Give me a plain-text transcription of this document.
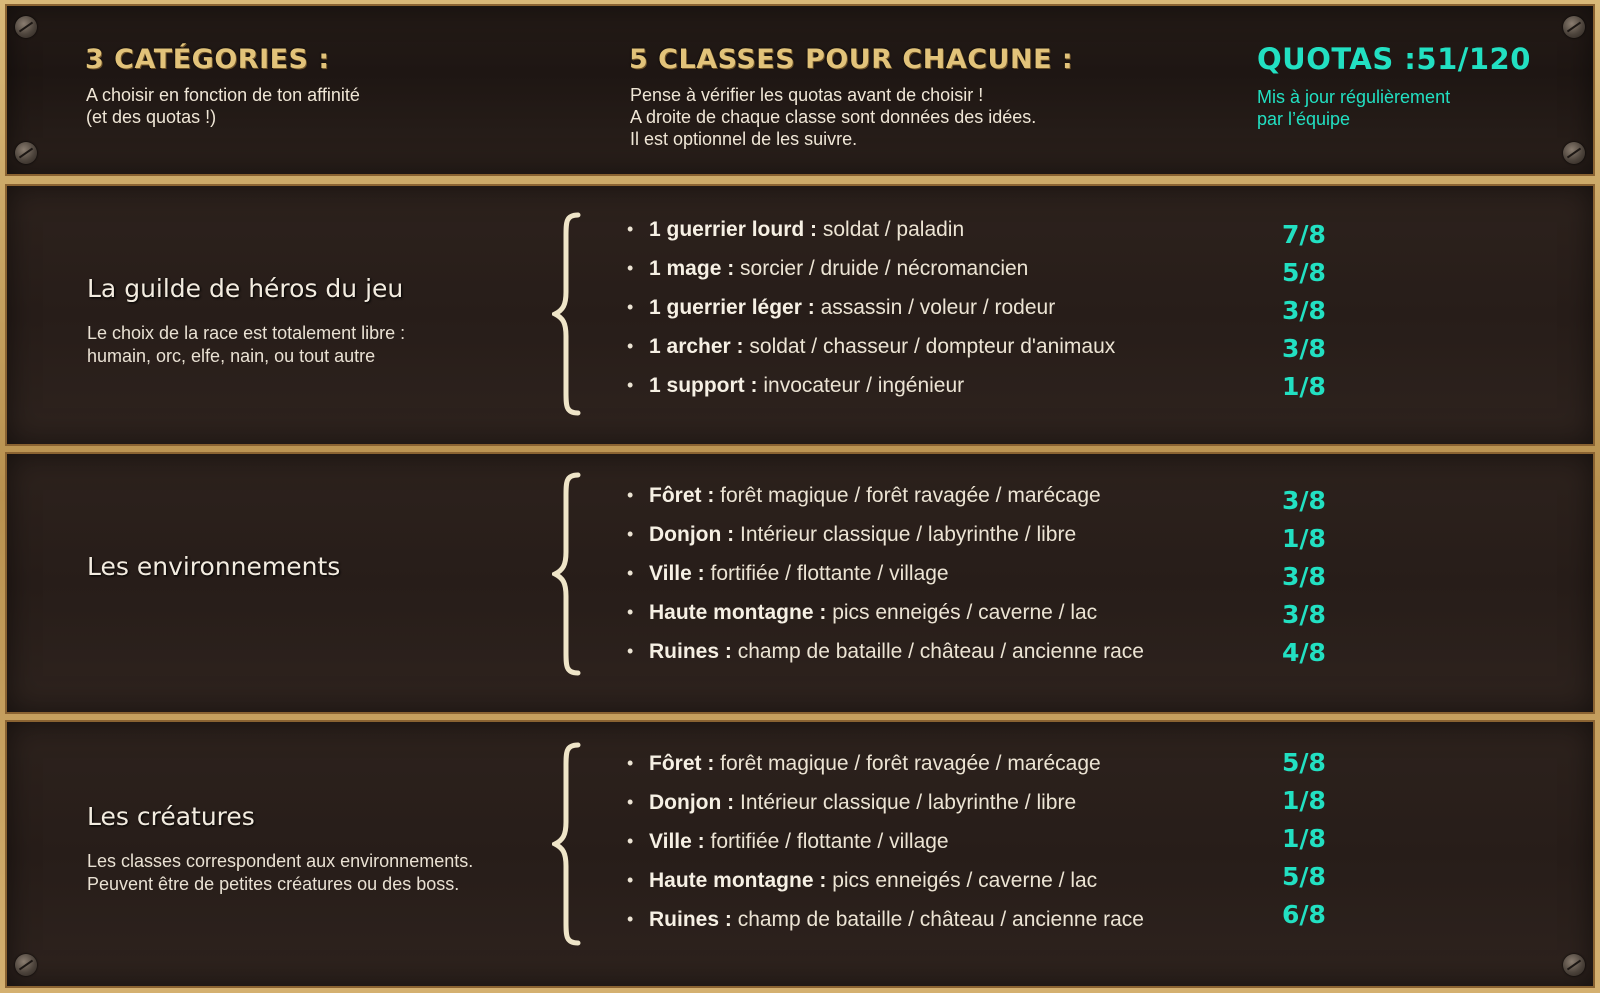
3 CATÉGORIES :
A choisir en fonction de ton affinité
(et des quotas !)
5 CLASSES POUR CHACUNE :
Pense à vérifier les quotas avant de choisir !
A droite de chaque classe sont données des idées.
Il est optionnel de les suivre.
QUOTAS :51/120
Mis à jour régulièrement
par l’équipe
La guilde de héros du jeu
Le choix de la race est totalement libre :
humain, orc, elfe, nain, ou tout autre
• 1 guerrier lourd : soldat / paladin
• 1 mage : sorcier / druide / nécromancien
• 1 guerrier léger : assassin / voleur / rodeur
• 1 archer : soldat / chasseur / dompteur d'animaux
• 1 support : invocateur / ingénieur
7/8
5/8
3/8
3/8
1/8
Les environnements
• Fôret : forêt magique / forêt ravagée / marécage
• Donjon : Intérieur classique / labyrinthe / libre
• Ville : fortifiée / flottante / village
• Haute montagne : pics enneigés / caverne / lac
• Ruines : champ de bataille / château / ancienne race
3/8
1/8
3/8
3/8
4/8
Les créatures
Les classes correspondent aux environnements.
Peuvent être de petites créatures ou des boss.
• Fôret : forêt magique / forêt ravagée / marécage
• Donjon : Intérieur classique / labyrinthe / libre
• Ville : fortifiée / flottante / village
• Haute montagne : pics enneigés / caverne / lac
• Ruines : champ de bataille / château / ancienne race
5/8
1/8
1/8
5/8
6/8
